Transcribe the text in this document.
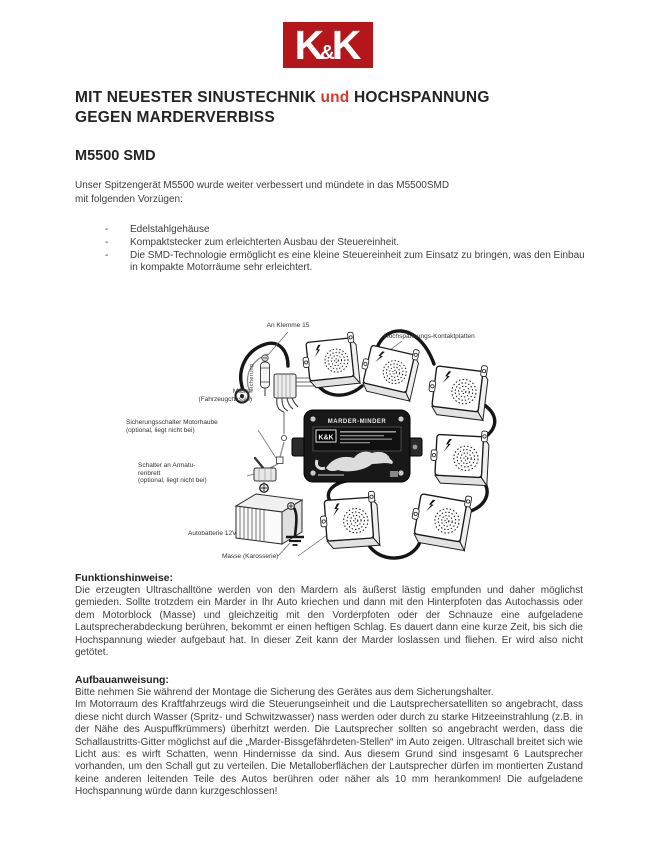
K
&
K
MIT NEUESTER SINUSTECHNIK und HOCHSPANNUNG
GEGEN MARDERVERBISS
M5500 SMD
Unser Spitzengerät M5500 wurde weiter verbessert und mündete in das M5500SMD
mit folgenden Vorzügen:
- Edelstahlgehäuse
- Kompaktstecker zum erleichterten Ausbau der Steuereinheit.
- Die SMD-Technologie ermöglicht es eine kleine Steuereinheit zum Einsatz zu bringen, was den Einbau in kompakte Motorräume sehr erleichtert.
MARDER-MINDER
K&K
An Klemme 15
Hochspannungs-Kontaktplatten
Masse
(Fahrzeugchassis)
Sicherung
Sicherungsschalter Motorhaube
(optional, liegt nicht bei)
Schalter an Armatu-
renbrett
(optional, liegt nicht bei)
Autobatterie 12V
Masse (Karosserie)
Funktionshinweise:

Die erzeugten Ultraschalltöne werden von den Mardern als äußerst lästig empfunden und daher möglichst gemieden. Sollte trotzdem ein Marder in Ihr Auto kriechen und dann mit den Hinterpfoten das Autochassis oder dem Motorblock (Masse) und gleichzeitig mit den Vorderpfoten oder der Schnauze eine aufgeladene Lautsprecherabdeckung berühren, bekommt er einen heftigen Schlag. Es dauert dann eine kurze Zeit, bis sich die Hochspannung wieder aufgebaut hat. In dieser Zeit kann der Marder loslassen und fliehen. Er wird also nicht getötet.

Aufbauanweisung:
Bitte nehmen Sie während der Montage die Sicherung des Gerätes aus dem Sicherungshalter.

Im Motorraum des Kraftfahrzeugs wird die Steuerungseinheit und die Lautsprechersatelliten so angebracht, dass diese nicht durch Wasser (Spritz- und Schwitzwasser) nass werden oder durch zu starke Hitzeeinstrahlung (z.B. in der Nähe des Auspuffkrümmers) überhitzt werden. Die Lautsprecher sollten so angebracht werden, dass die Schallaustritts-Gitter möglichst auf die „Marder-Bissgefährdeten-Stellen“ im Auto zeigen. Ultraschall breitet sich wie Licht aus: es wirft Schatten, wenn Hindernisse da sind. Aus diesem Grund sind insgesamt 6 Lautsprecher vorhanden, um den Schall gut zu verteilen. Die Metalloberflächen der Lautsprecher dürfen im montierten Zustand keine anderen leitenden Teile des Autos berühren oder näher als 10 mm herankommen! Die aufgeladene Hochspannung würde dann kurzgeschlossen!
